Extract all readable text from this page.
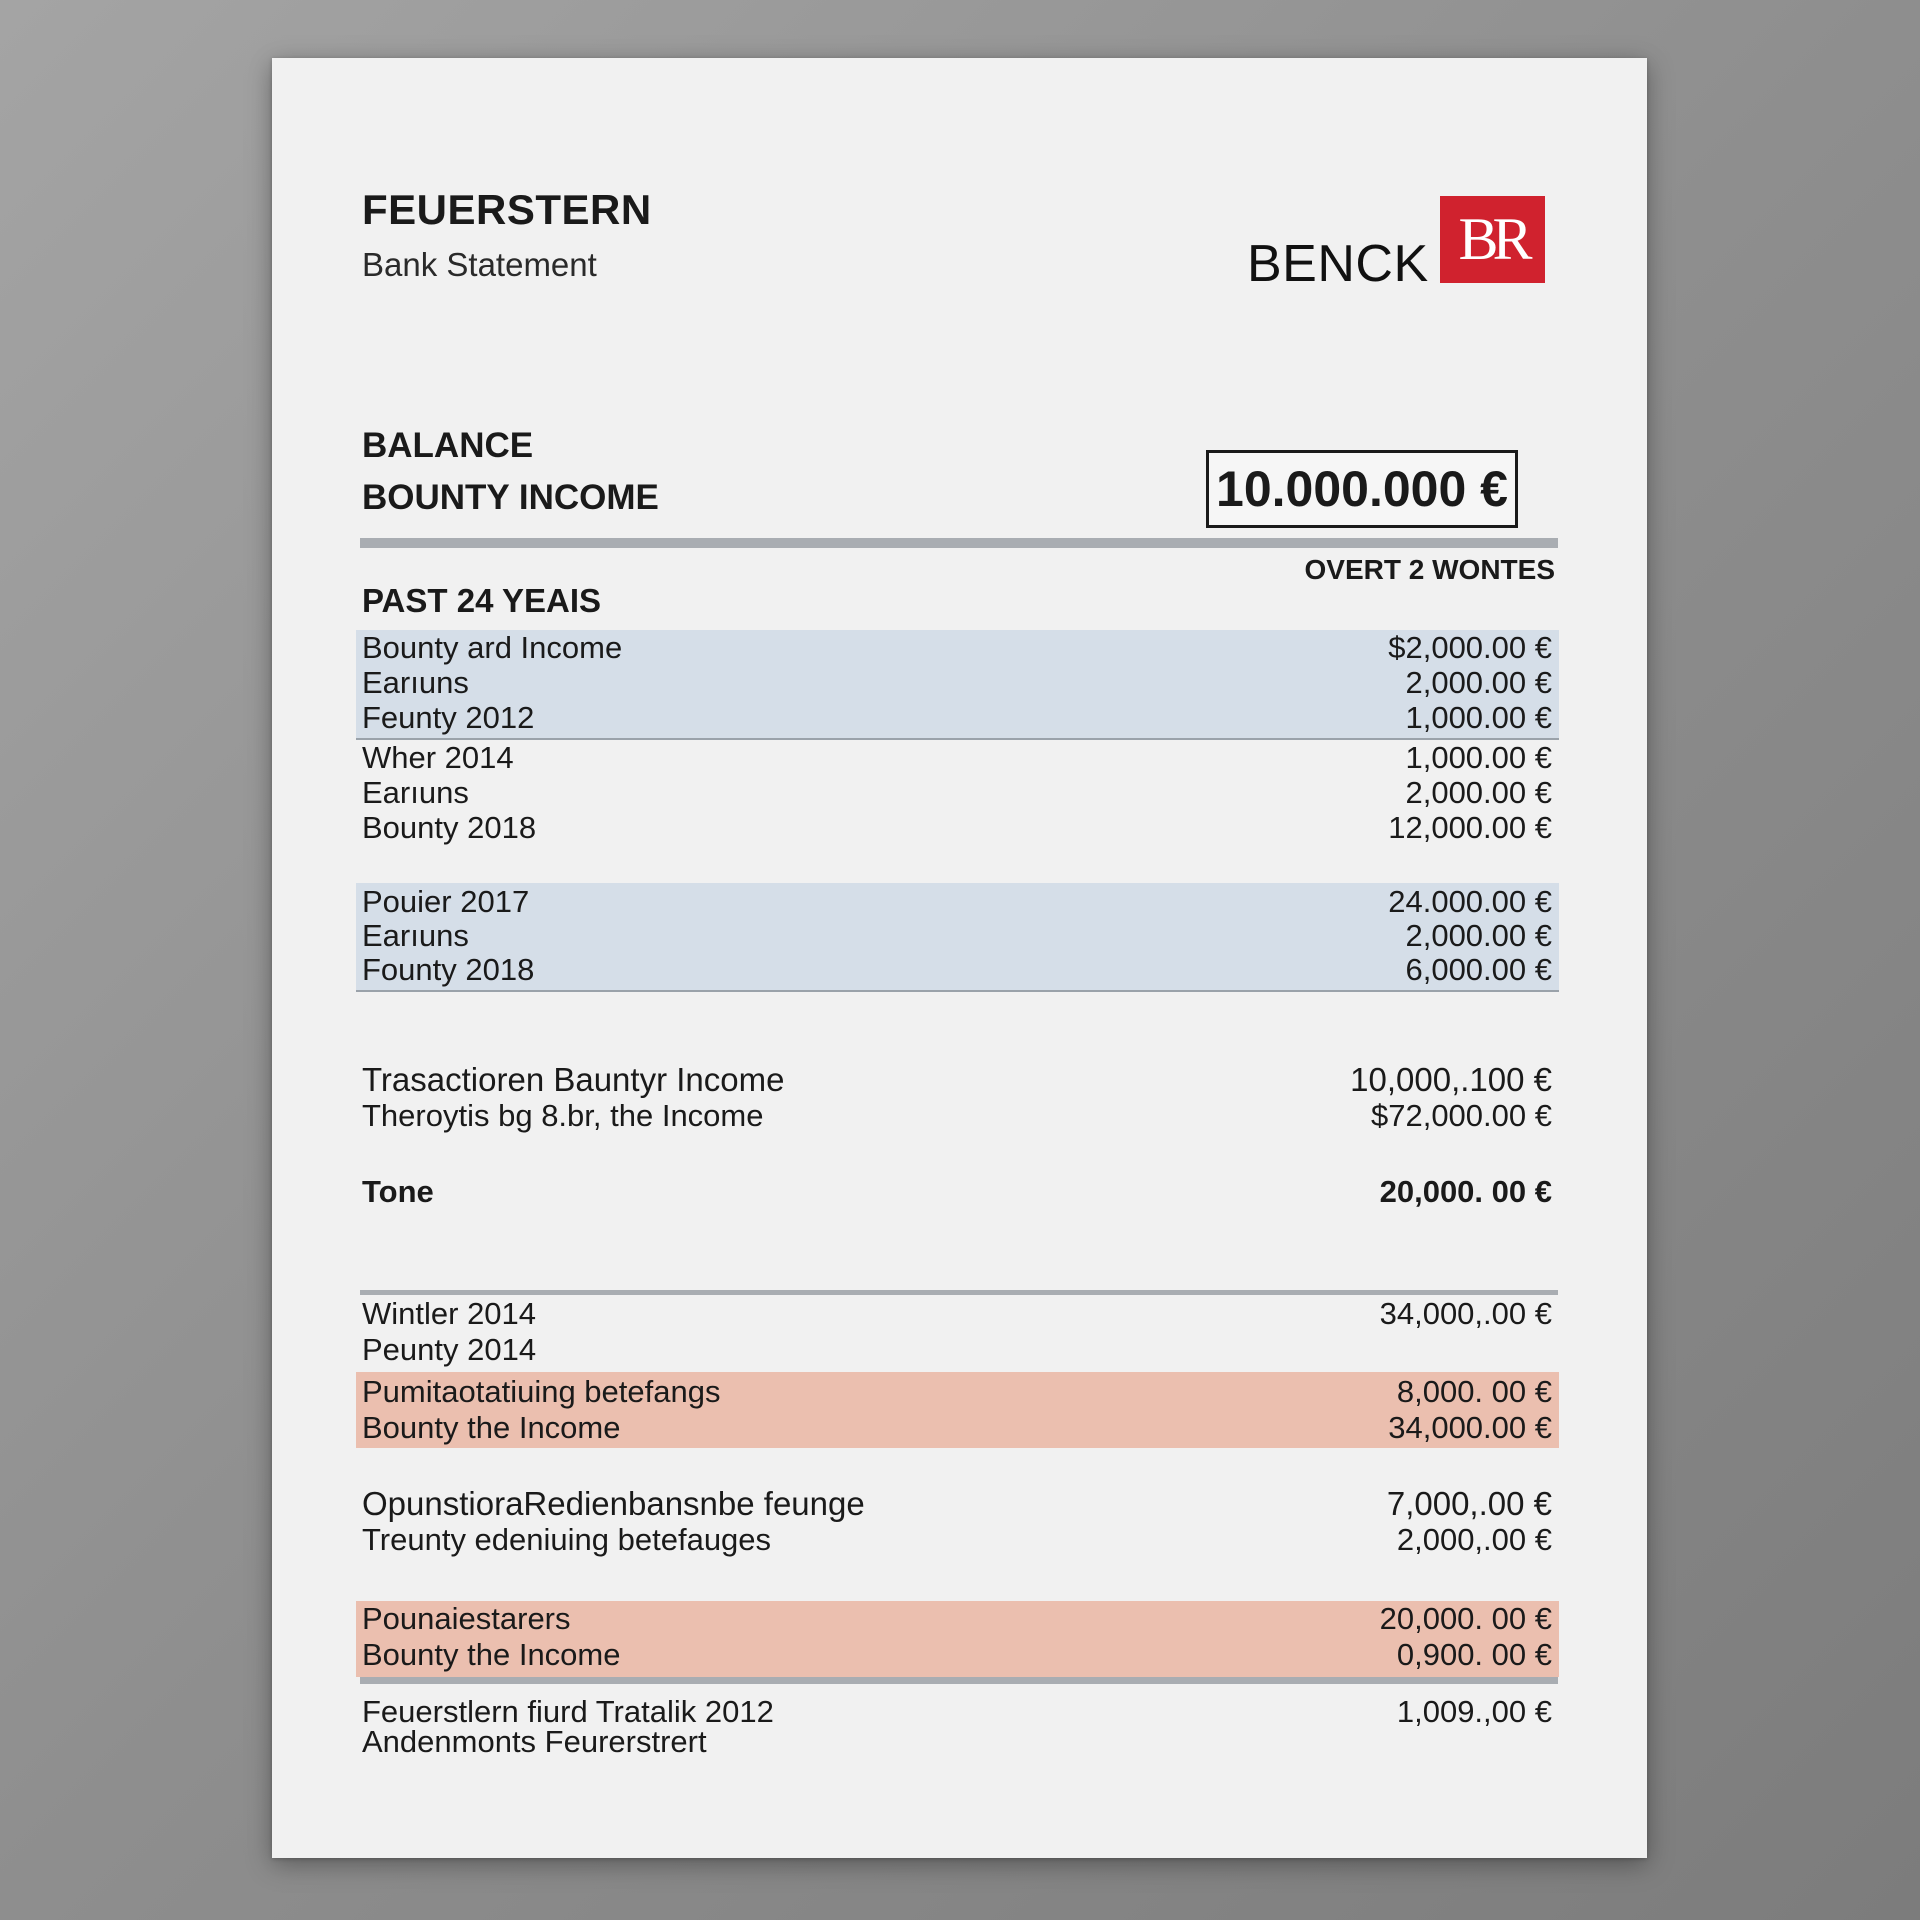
FEUERSTERN
Bank Statement	BENCK BR
BALANCE
BOUNTY INCOME	10.000.000 €
OVERT 2 WONTES
PAST 24 YEAIS
Bounty ard Income	$2,000.00 €
Earıuns	2,000.00 €
Feunty 2012	1,000.00 €
Wher 2014	1,000.00 €
Earıuns	2,000.00 €
Bounty 2018	12,000.00 €
Pouier 2017	24.000.00 €
Earıuns	2,000.00 €
Founty 2018	6,000.00 €
Trasactioren Bauntyr Income	10,000,.100 €
Theroytis bg 8.br, the Income	$72,000.00 €
Tone	20,000. 00 €
Wintler 2014	34,000,.00 €
Peunty 2014
Pumitaotatiuing betefangs	8,000. 00 €
Bounty the Income	34,000.00 €
OpunstioraRedienbansnbe feunge	7,000,.00 €
Treunty edeniuing betefauges	2,000,.00 €
Pounaiestarers	20,000. 00 €
Bounty the Income	0,900. 00 €
Feuerstlern fiurd Tratalik 2012	1,009.,00 €
Andenmonts Feurerstrert
